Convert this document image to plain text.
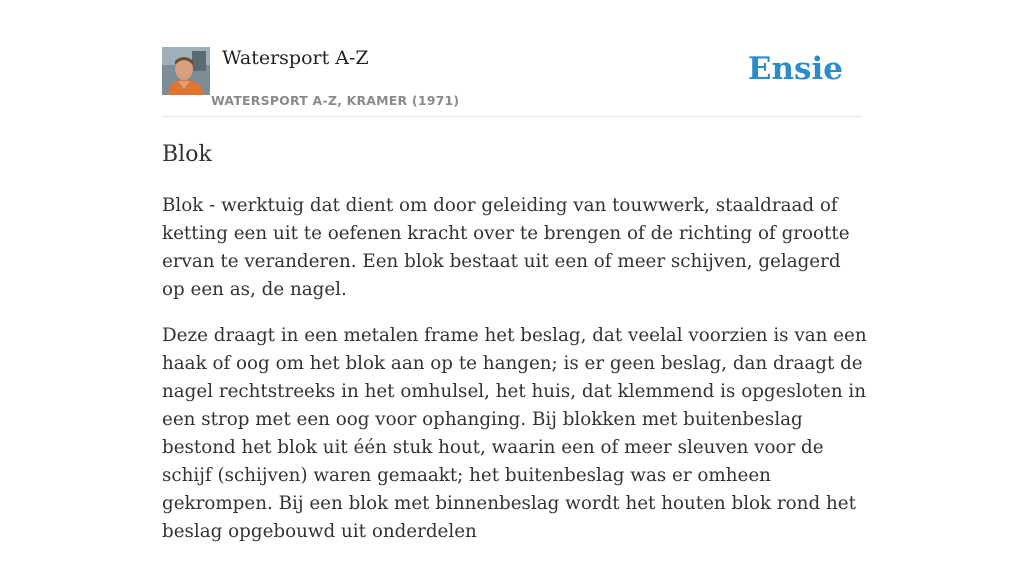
Watersport A-Z
WATERSPORT A-Z, KRAMER (1971)
Ensie
Blok

Blok - werktuig dat dient om door geleiding van touwwerk, staaldraad of ketting een uit te oefenen kracht over te brengen of de richting of grootte ervan te veranderen. Een blok bestaat uit een of meer schijven, gelagerd op een as, de nagel.

Deze draagt in een metalen frame het beslag, dat veelal voorzien is van een haak of oog om het blok aan op te hangen; is er geen beslag, dan draagt de nagel rechtstreeks in het omhulsel, het huis, dat klemmend is opgesloten in een strop met een oog voor ophanging. Bij blokken met buitenbeslag bestond het blok uit één stuk hout, waarin een of meer sleuven voor de schijf (schijven) waren gemaakt; het buitenbeslag was er omheen gekrompen. Bij een blok met binnenbeslag wordt het houten blok rond het beslag opgebouwd uit onderdelen
